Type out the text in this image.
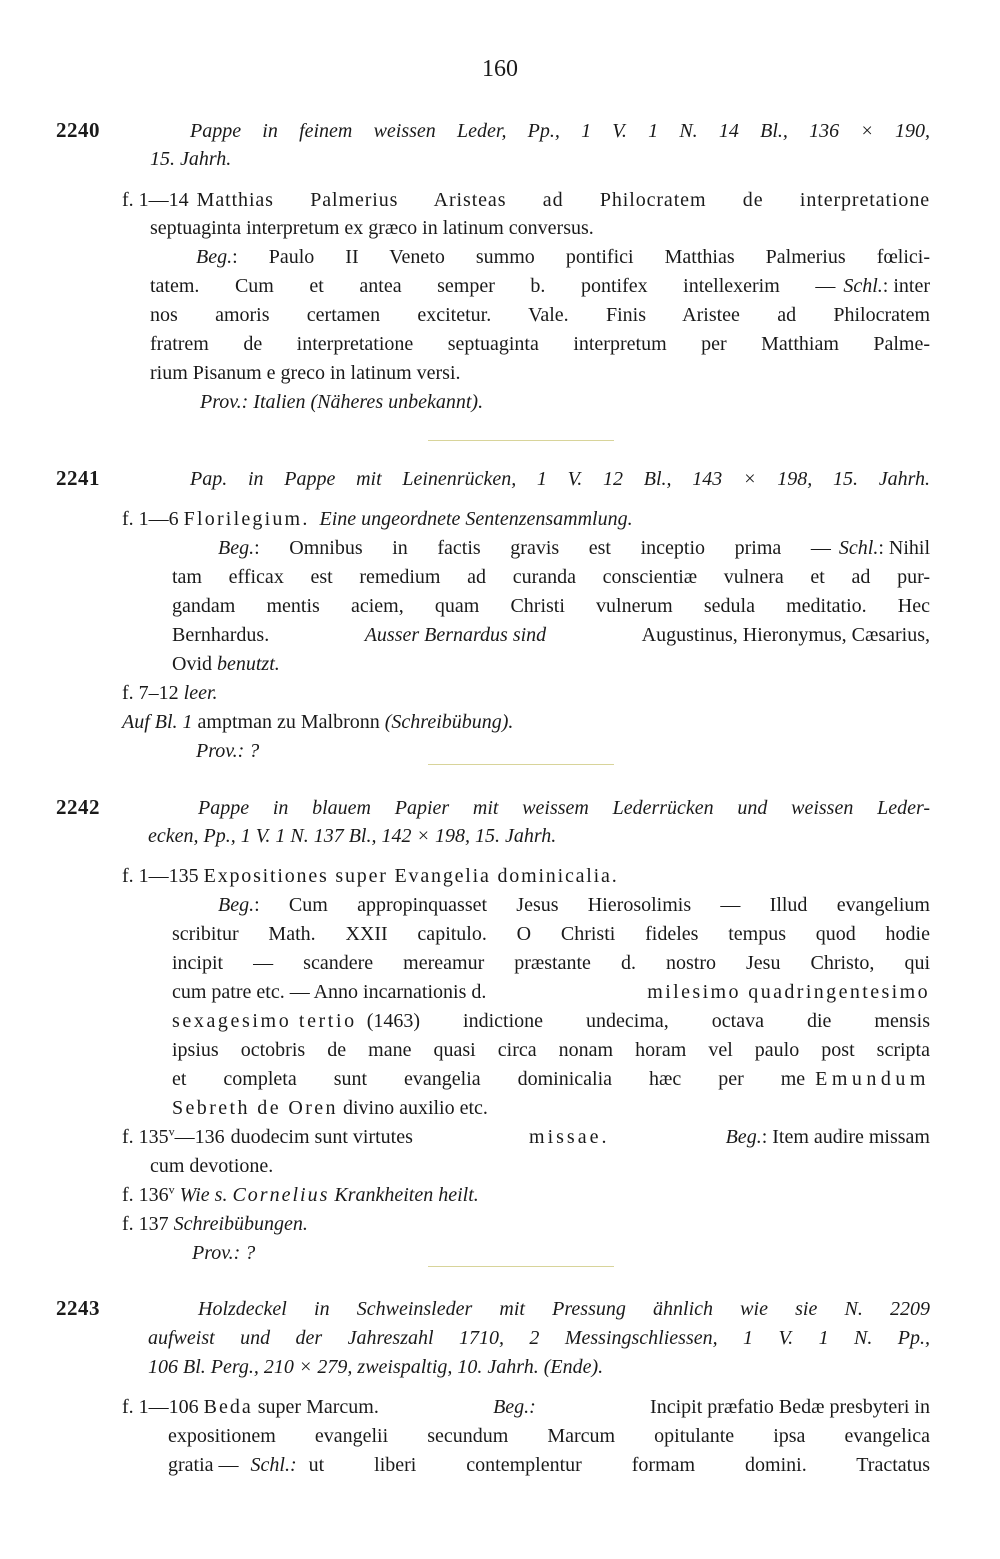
160
2240	Pappe in feinem weissen Leder, Pp., 1 V. 1 N. 14 Bl., 136 × 190,
15. Jahrh.
f. 1—14 Matthias Palmerius Aristeas ad Philocratem de interpretatione
septuaginta interpretum ex græco in latinum conversus.
Beg. : Paulo II Veneto summo pontifici Matthias Palmerius fœlici-
tatem. Cum et antea semper b. pontifex intellexerim — Schl.: inter
nos amoris certamen excitetur. Vale. Finis Aristee ad Philocratem
fratrem de interpretatione septuaginta interpretum per Matthiam Palme-
rium Pisanum e greco in latinum versi.
Prov.: Italien (Näheres unbekannt).
2241	Pap. in Pappe mit Leinenrücken, 1 V. 12 Bl., 143 × 198, 15. Jahrh.
f. 1—6 Florilegium. Eine ungeordnete Sentenzensammlung.
Beg. : Omnibus in factis gravis est inceptio prima — Schl.: Nihil
tam efficax est remedium ad curanda conscientiæ vulnera et ad pur-
gandam mentis aciem, quam Christi vulnerum sedula meditatio. Hec
Bernhardus.	Ausser Bernardus sind	Augustinus, Hieronymus, Cæsarius,
Ovid benutzt.
f. 7–12 leer.
Auf Bl. 1 amptman zu Malbronn (Schreibübung).
Prov.: ?
2242	Pappe in blauem Papier mit weissem Lederrücken und weissen Leder-
ecken, Pp., 1 V. 1 N. 137 Bl., 142 × 198, 15. Jahrh.
f. 1—135 Expositiones super Evangelia dominicalia.
Beg. : Cum appropinquasset Jesus Hierosolimis — Illud evangelium
scribitur Math. XXII capitulo. O Christi fideles tempus quod hodie
incipit — scandere mereamur præstante d. nostro Jesu Christo, qui
cum patre etc. — Anno incarnationis d.	milesimo quadringentesimo
sexagesimo tertio (1463) indictione undecima, octava die mensis
ipsius octobris de mane quasi circa nonam horam vel paulo post scripta
et completa sunt evangelia dominicalia hæc per me Emundum
Sebreth de Oren divino auxilio etc.
f. 135$^v$—136 duodecim sunt virtutes	missae.	Beg.: Item audire missam
cum devotione.
f. 136$^v$ Wie s. Cornelius Krankheiten heilt.
f. 137 Schreibübungen.
Prov.: ?
2243	Holzdeckel in Schweinsleder mit Pressung ähnlich wie sie N. 2209
aufweist und der Jahreszahl 1710, 2 Messingschliessen, 1 V. 1 N. Pp.,
106 Bl. Perg., 210 × 279, zweispaltig, 10. Jahrh. (Ende).
f. 1—106 Beda super Marcum.	Beg.:	Incipit præfatio Bedæ presbyteri in
expositionem evangelii secundum Marcum opitulante ipsa evangelica
gratia — Schl.: ut liberi contemplentur formam domini. Tractatus
